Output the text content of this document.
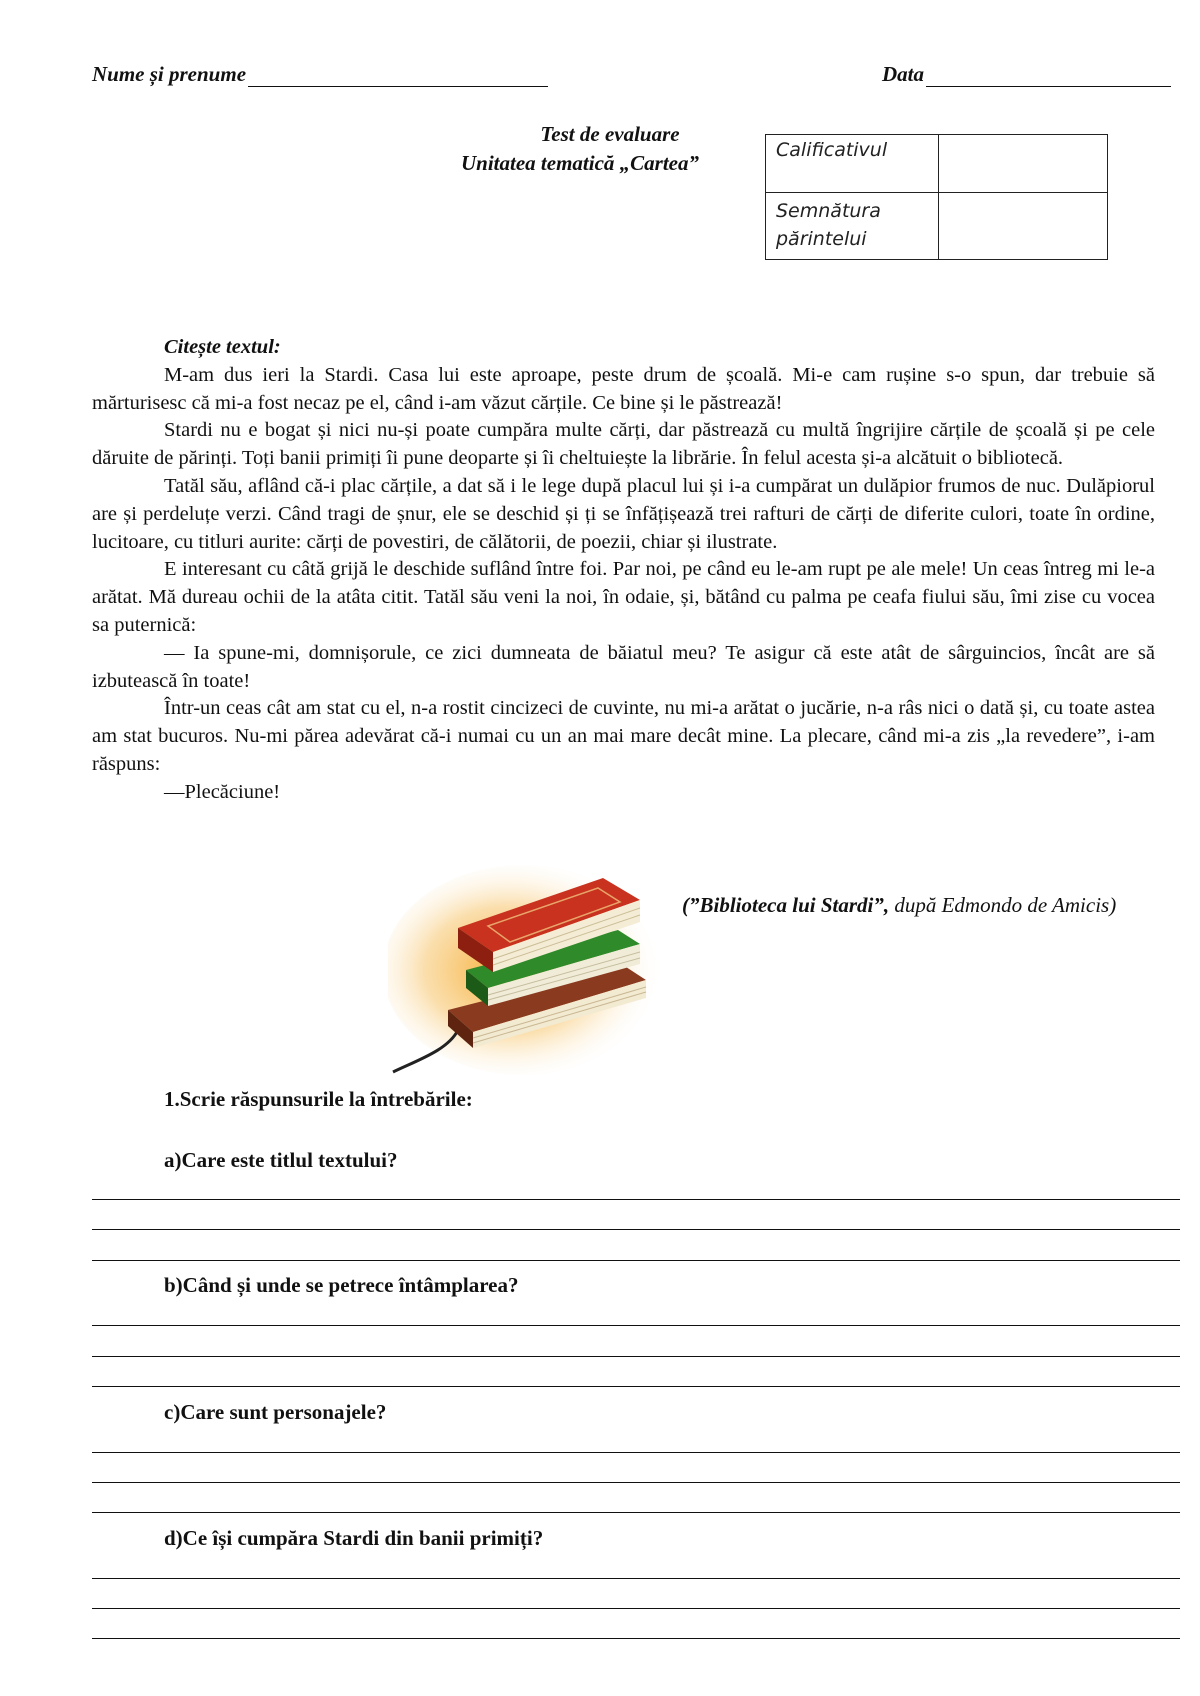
Nume și prenume	Data
Test de evaluare
Unitatea tematică „Cartea”
Calificativul	
Semnătura
părintelui	

Citește textul:

M-am dus ieri la Stardi. Casa lui este aproape, peste drum de școală. Mi-e cam rușine s-o spun, dar trebuie să mărturisesc că mi-a fost necaz pe el, când i-am văzut cărțile. Ce bine și le păstrează!

Stardi nu e bogat și nici nu-și poate cumpăra multe cărți, dar păstrează cu multă îngrijire cărțile de școală și pe cele dăruite de părinți. Toți banii primiți îi pune deoparte și îi cheltuiește la librărie. În felul acesta și-a alcătuit o bibliotecă.

Tatăl său, aflând că-i plac cărțile, a dat să i le lege după placul lui și i-a cumpărat un dulăpior frumos de nuc. Dulăpiorul are și perdeluțe verzi. Când tragi de șnur, ele se deschid și ți se înfățișează trei rafturi de cărți de diferite culori, toate în ordine, lucitoare, cu titluri aurite: cărți de povestiri, de călătorii, de poezii, chiar și ilustrate.

E interesant cu câtă grijă le deschide suflând între foi. Par noi, pe când eu le-am rupt pe ale mele! Un ceas întreg mi le-a arătat. Mă dureau ochii de la atâta citit. Tatăl său veni la noi, în odaie, și, bătând cu palma pe ceafa fiului său, îmi zise cu vocea sa puternică:

— Ia spune-mi, domnișorule, ce zici dumneata de băiatul meu? Te asigur că este atât de sârguincios, încât are să izbutească în toate!

Într-un ceas cât am stat cu el, n-a rostit cincizeci de cuvinte, nu mi-a arătat o jucărie, n-a râs nici o dată și, cu toate astea am stat bucuros. Nu-mi părea adevărat că-i numai cu un an mai mare decât mine. La plecare, când mi-a zis „la revedere”, i-am răspuns:

—Plecăciune!

(”Biblioteca lui Stardi”, după Edmondo de Amicis)
1.Scrie răspunsurile la întrebările:
a)Care este titlul textului?
b)Când și unde se petrece întâmplarea?
c)Care sunt personajele?
d)Ce își cumpăra Stardi din banii primiți?
